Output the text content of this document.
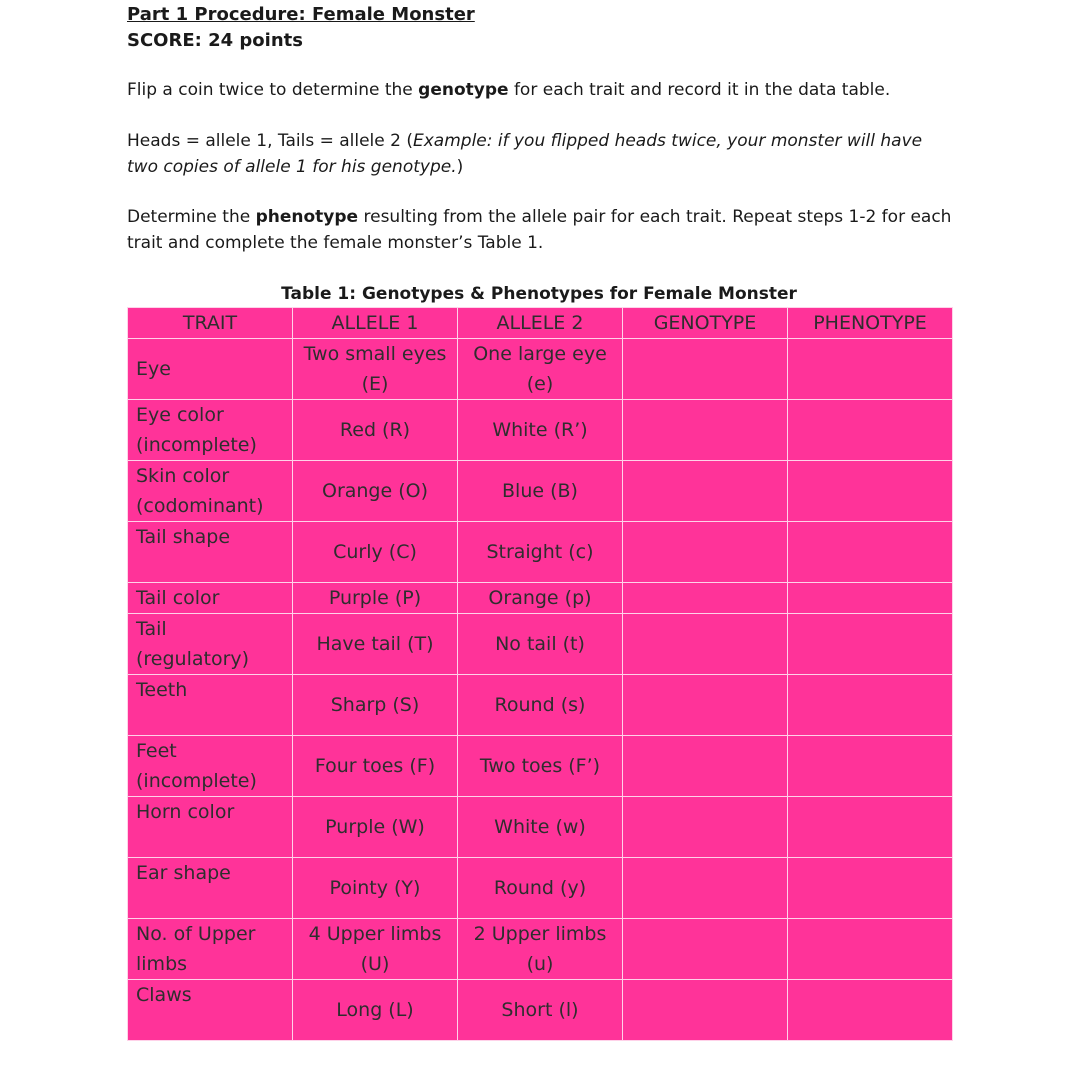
Part 1 Procedure: Female Monster
SCORE: 24 points

Flip a coin twice to determine the genotype for each trait and record it in the data table.

Heads = allele 1, Tails = allele 2 (Example: if you flipped heads twice, your monster will have two copies of allele 1 for his genotype.)

Determine the phenotype resulting from the allele pair for each trait. Repeat steps 1-2 for each trait and complete the female monster’s Table 1.

Table 1: Genotypes & Phenotypes for Female Monster
TRAIT	ALLELE 1	ALLELE 2	GENOTYPE	PHENOTYPE
Eye	Two small eyes (E)	One large eye (e)		
Eye color (incomplete)	Red (R)	White (R’)		
Skin color (codominant)	Orange (O)	Blue (B)		
Tail shape	Curly (C)	Straight (c)		
Tail color	Purple (P)	Orange (p)		
Tail (regulatory)	Have tail (T)	No tail (t)		
Teeth	Sharp (S)	Round (s)		
Feet (incomplete)	Four toes (F)	Two toes (F’)		
Horn color	Purple (W)	White (w)		
Ear shape	Pointy (Y)	Round (y)		
No. of Upper limbs	4 Upper limbs (U)	2 Upper limbs (u)		
Claws	Long (L)	Short (l)		
